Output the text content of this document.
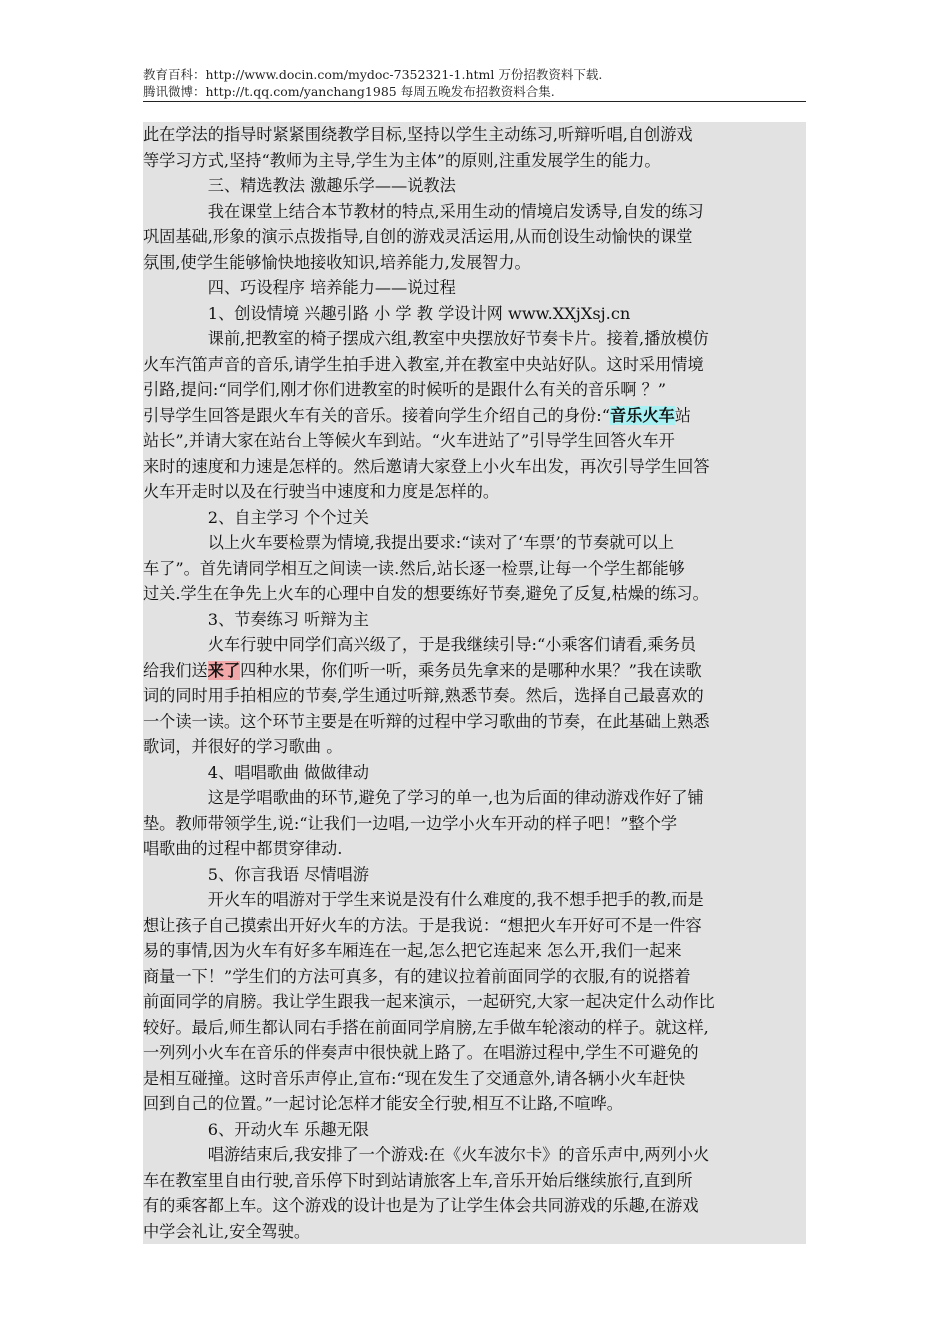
教育百科：http://www.docin.com/mydoc-7352321-1.html 万份招教资料下载.
腾讯微博：http://t.qq.com/yanchang1985 每周五晚发布招教资料合集.

此在学法的指导时紧紧围绕教学目标,坚持以学生主动练习,听辩听唱,自创游戏

等学习方式,坚持“教师为主导,学生为主体”的原则,注重发展学生的能力。

三、精选教法 激趣乐学——说教法

我在课堂上结合本节教材的特点,采用生动的情境启发诱导,自发的练习

巩固基础,形象的演示点拨指导,自创的游戏灵活运用,从而创设生动愉快的课堂

氛围,使学生能够愉快地接收知识,培养能力,发展智力。

四、巧设程序 培养能力——说过程

1、创设情境 兴趣引路 小 学 教 学设计网 www.XXjXsj.cn

课前,把教室的椅子摆成六组,教室中央摆放好节奏卡片。接着,播放模仿

火车汽笛声音的音乐,请学生拍手进入教室,并在教室中央站好队。这时采用情境

引路,提问:“同学们,刚才你们进教室的时候听的是跟什么有关的音乐啊 ？”

引导学生回答是跟火车有关的音乐。接着向学生介绍自己的身份:“音乐火车站

站长”,并请大家在站台上等候火车到站。“火车进站了”引导学生回答火车开

来时的速度和力速是怎样的。然后邀请大家登上小火车出发，再次引导学生回答

火车开走时以及在行驶当中速度和力度是怎样的。

2、自主学习 个个过关

以上火车要检票为情境,我提出要求:“读对了‘车票’的节奏就可以上

车了”。首先请同学相互之间读一读.然后,站长逐一检票,让每一个学生都能够

过关.学生在争先上火车的心理中自发的想要练好节奏,避免了反复,枯燥的练习。

3、节奏练习 听辩为主

火车行驶中同学们高兴级了，于是我继续引导:“小乘客们请看,乘务员

给我们送来了四种水果，你们听一听，乘务员先拿来的是哪种水果？”我在读歌

词的同时用手拍相应的节奏,学生通过听辩,熟悉节奏。然后，选择自己最喜欢的

一个读一读。这个环节主要是在听辩的过程中学习歌曲的节奏，在此基础上熟悉

歌词，并很好的学习歌曲 。

4、唱唱歌曲 做做律动

这是学唱歌曲的环节,避免了学习的单一,也为后面的律动游戏作好了铺

垫。教师带领学生,说:“让我们一边唱,一边学小火车开动的样子吧！”整个学

唱歌曲的过程中都贯穿律动.

5、你言我语 尽情唱游

开火车的唱游对于学生来说是没有什么难度的,我不想手把手的教,而是

想让孩子自己摸索出开好火车的方法。于是我说：“想把火车开好可不是一件容

易的事情,因为火车有好多车厢连在一起,怎么把它连起来 怎么开,我们一起来

商量一下！”学生们的方法可真多，有的建议拉着前面同学的衣服,有的说搭着

前面同学的肩膀。我让学生跟我一起来演示，一起研究,大家一起决定什么动作比

较好。最后,师生都认同右手搭在前面同学肩膀,左手做车轮滚动的样子。就这样,

一列列小火车在音乐的伴奏声中很快就上路了。在唱游过程中,学生不可避免的

是相互碰撞。这时音乐声停止,宣布:“现在发生了交通意外,请各辆小火车赶快

回到自己的位置。”一起讨论怎样才能安全行驶,相互不让路,不喧哗。

6、开动火车 乐趣无限

唱游结束后,我安排了一个游戏:在《火车波尔卡》的音乐声中,两列小火

车在教室里自由行驶,音乐停下时到站请旅客上车,音乐开始后继续旅行,直到所

有的乘客都上车。这个游戏的设计也是为了让学生体会共同游戏的乐趣,在游戏

中学会礼让,安全驾驶。
